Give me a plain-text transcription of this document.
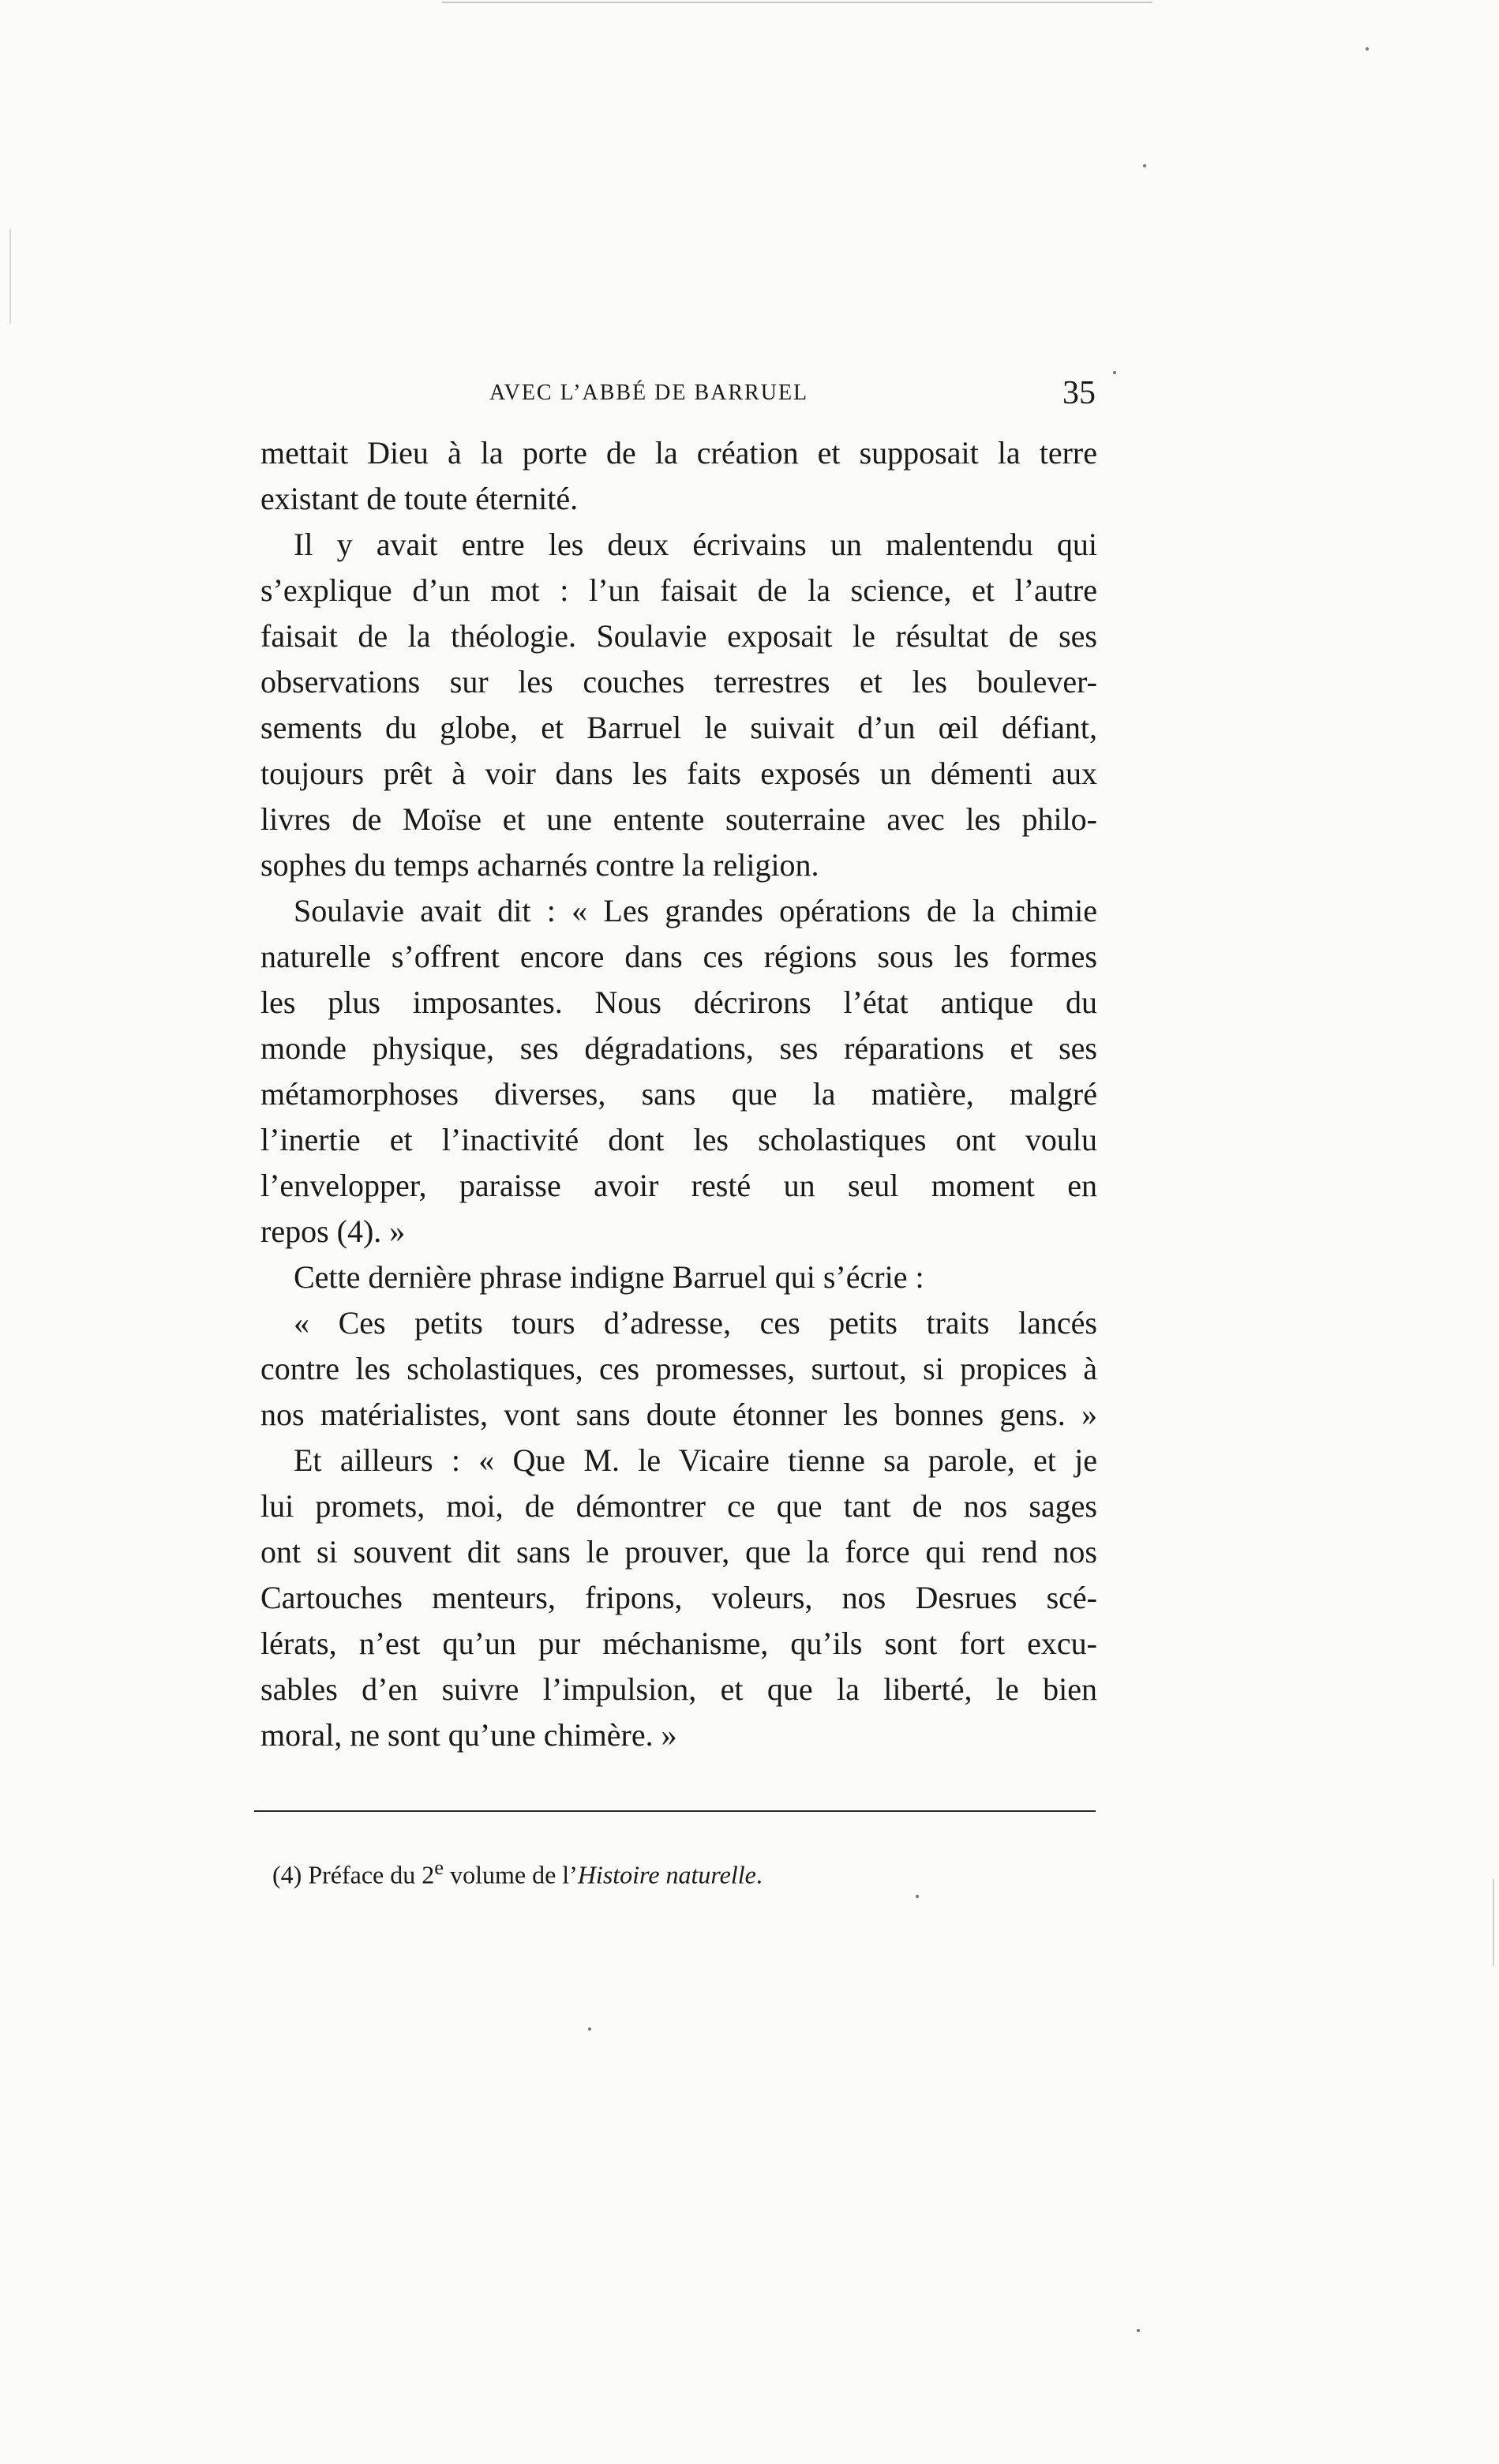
AVEC L’ABBÉ DE BARRUEL	35
mettait Dieu à la porte de la création et supposait la terre
existant de toute éternité.
Il y avait entre les deux écrivains un malentendu qui
s’explique d’un mot : l’un faisait de la science, et l’autre
faisait de la théologie. Soulavie exposait le résultat de ses
observations sur les couches terrestres et les boulever-
sements du globe, et Barruel le suivait d’un œil défiant,
toujours prêt à voir dans les faits exposés un démenti aux
livres de Moïse et une entente souterraine avec les philo-
sophes du temps acharnés contre la religion.
Soulavie avait dit : « Les grandes opérations de la chimie
naturelle s’offrent encore dans ces régions sous les formes
les plus imposantes. Nous décrirons l’état antique du
monde physique, ses dégradations, ses réparations et ses
métamorphoses diverses, sans que la matière, malgré
l’inertie et l’inactivité dont les scholastiques ont voulu
l’envelopper, paraisse avoir resté un seul moment en
repos (4). »
Cette dernière phrase indigne Barruel qui s’écrie :
« Ces petits tours d’adresse, ces petits traits lancés
contre les scholastiques, ces promesses, surtout, si propices à
nos matérialistes, vont sans doute étonner les bonnes gens. »
Et ailleurs : « Que M. le Vicaire tienne sa parole, et je
lui promets, moi, de démontrer ce que tant de nos sages
ont si souvent dit sans le prouver, que la force qui rend nos
Cartouches menteurs, fripons, voleurs, nos Desrues scé-
lérats, n’est qu’un pur méchanisme, qu’ils sont fort excu-
sables d’en suivre l’impulsion, et que la liberté, le bien
moral, ne sont qu’une chimère. »
(4) Préface du 2e volume de l’Histoire naturelle.
